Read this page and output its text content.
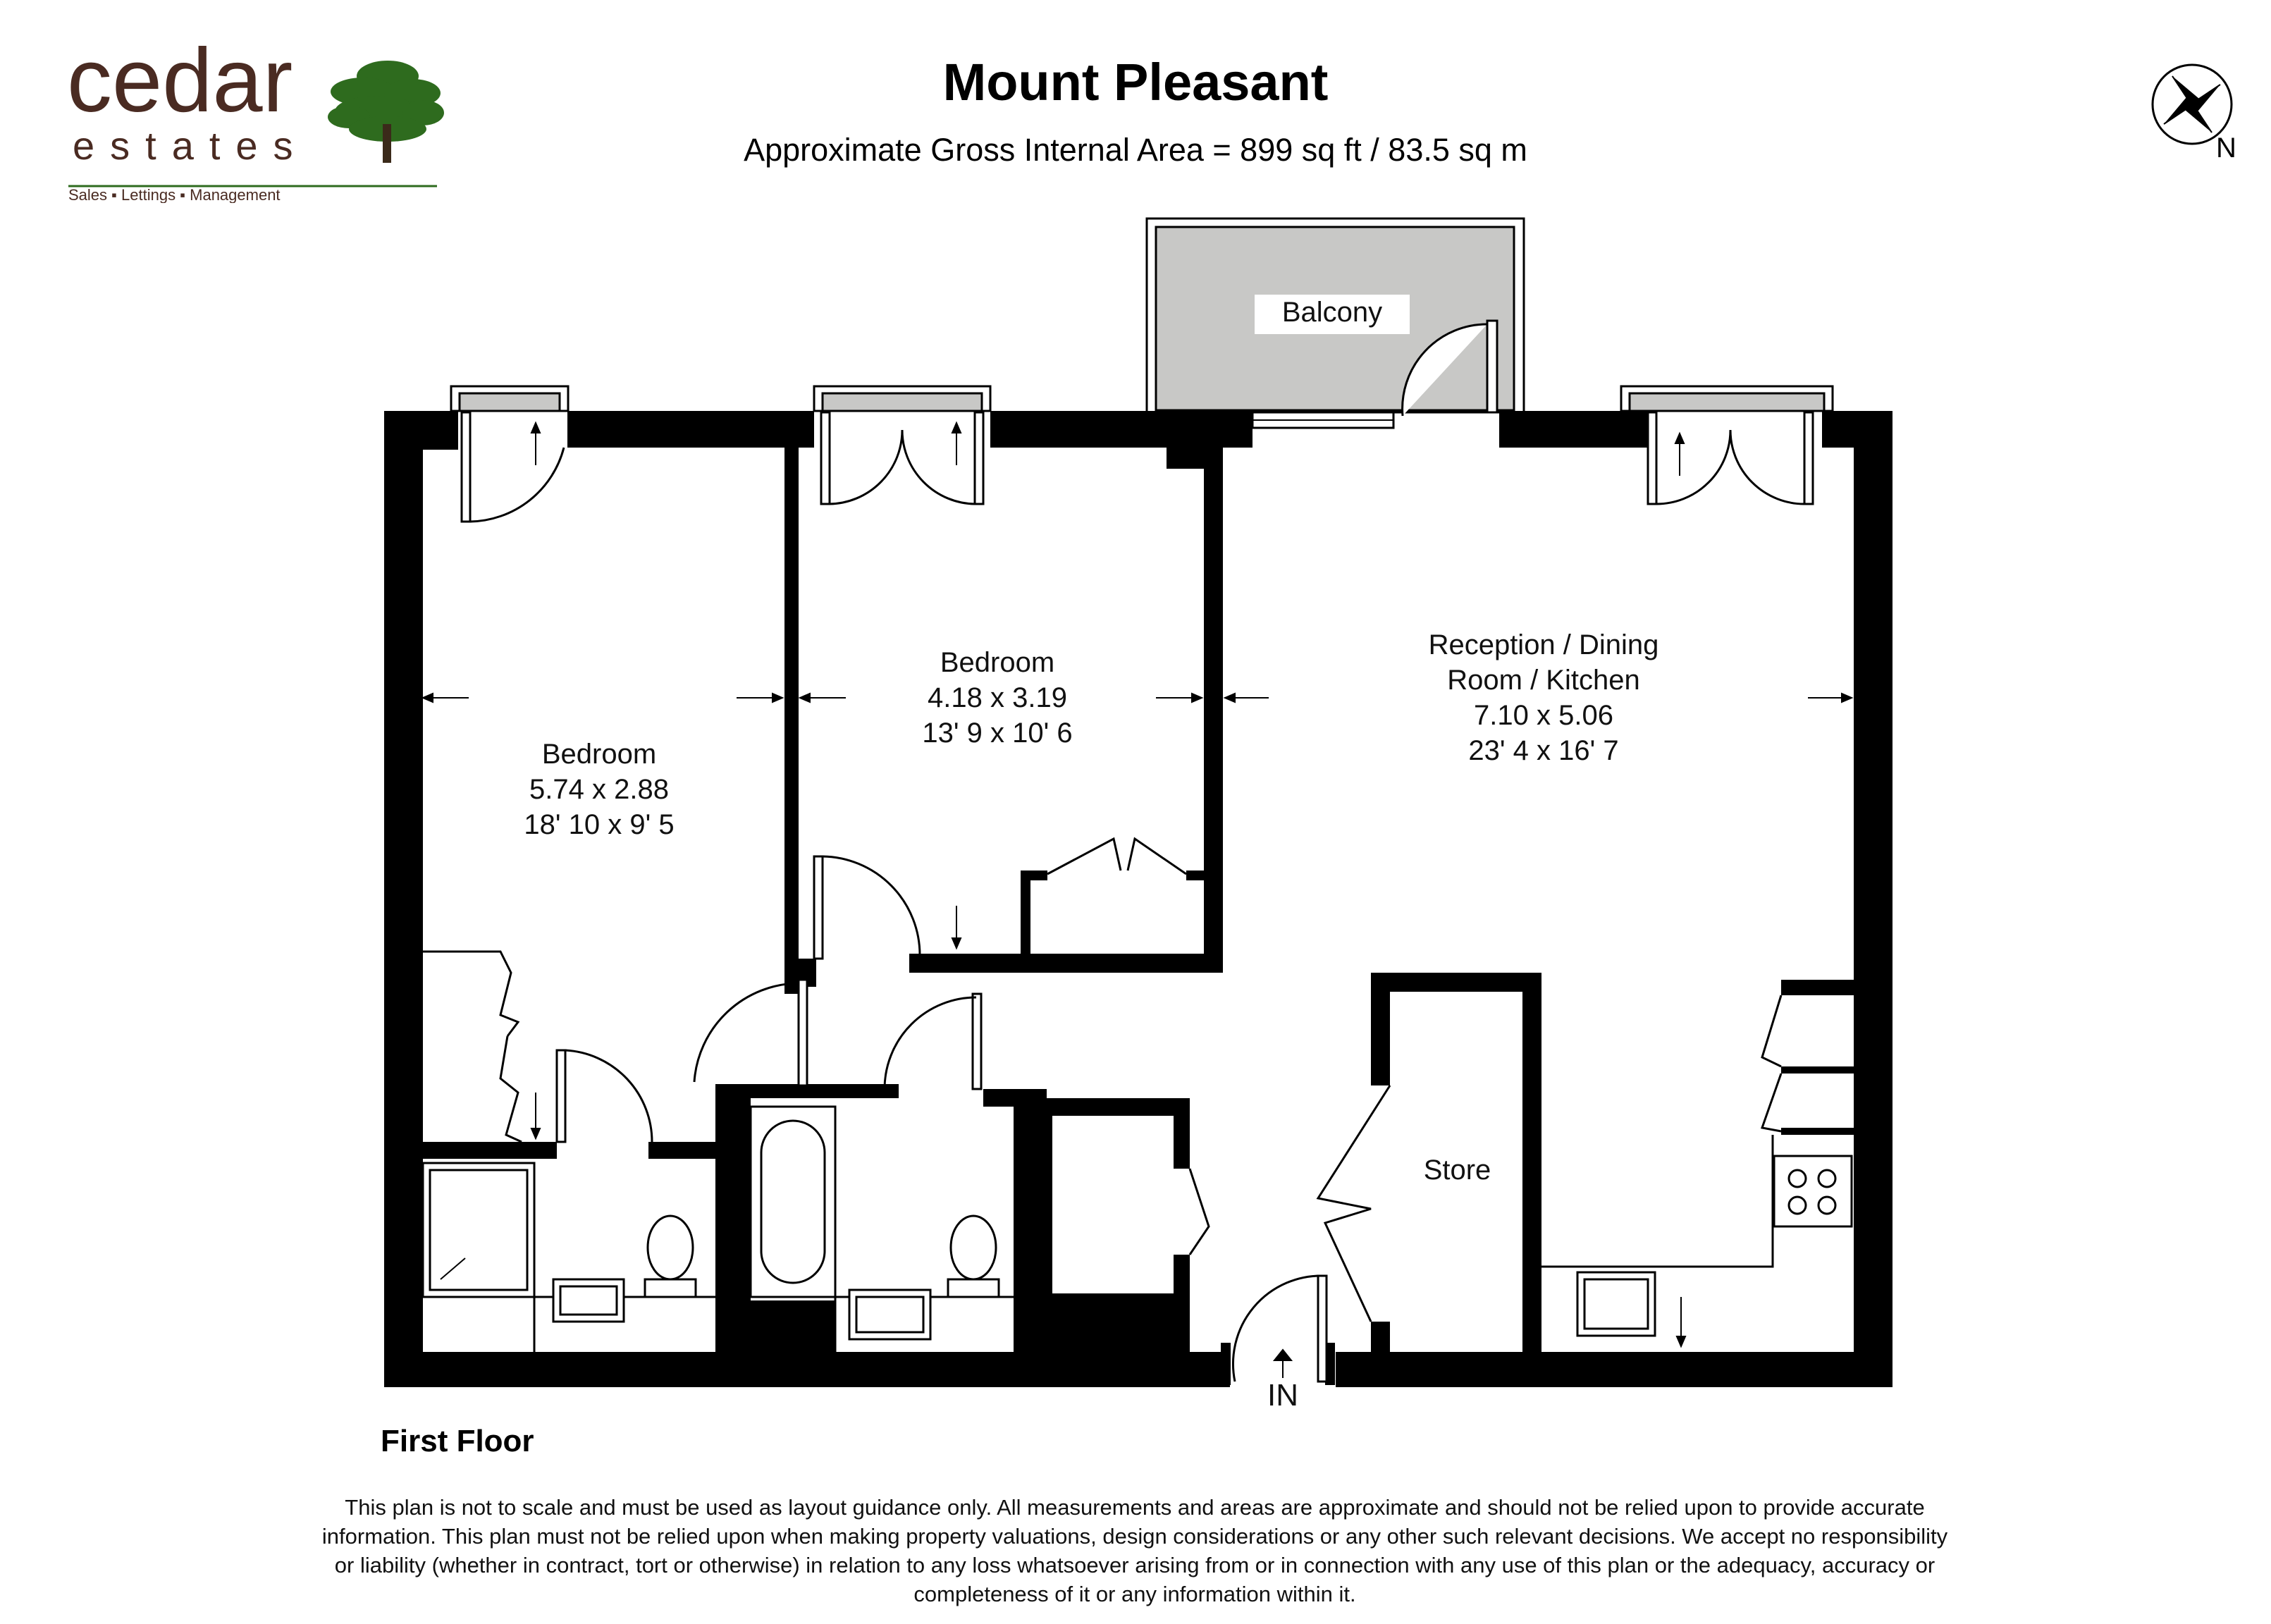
cedar
estates
Sales ▪ Lettings ▪ Management
Mount Pleasant
Approximate Gross Internal Area = 899 sq ft / 83.5 sq m	N
Bedroom
5.74 x 2.88
18' 10 x 9' 5
Bedroom
4.18 x 3.19
13' 9 x 10' 6
Reception / Dining
Room / Kitchen
7.10 x 5.06
23' 4 x 16' 7
Balcony
Store
IN
First Floor
This plan is not to scale and must be used as layout guidance only. All measurements and areas are approximate and should not be relied upon to provide accurate information. This plan must not be relied upon when making property valuations, design considerations or any other such relevant decisions. We accept no responsibility or liability (whether in contract, tort or otherwise) in relation to any loss whatsoever arising from or in connection with any use of this plan or the adequacy, accuracy or completeness of it or any information within it.
